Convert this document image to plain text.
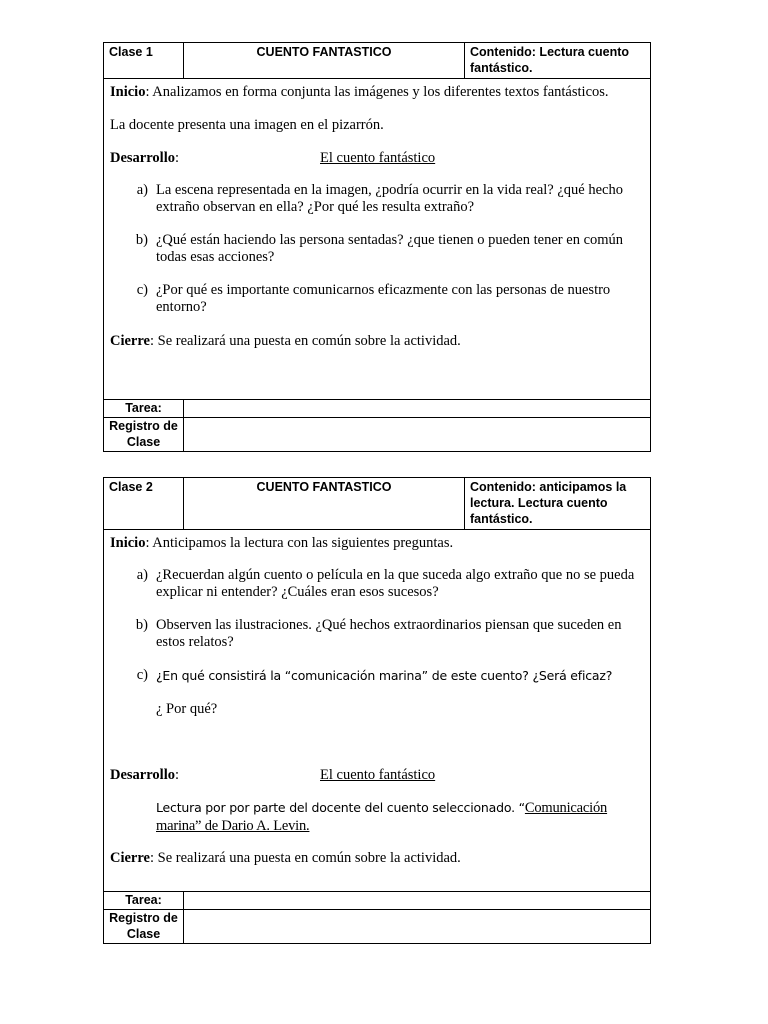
Clase 1	CUENTO FANTASTICO	Contenido: Lectura cuento fantástico.

Inicio: Analizamos en forma conjunta las imágenes y los diferentes textos fantásticos.

La docente presenta una imagen en el pizarrón.

Desarrollo:	El cuento fantástico
a) La escena representada en la imagen, ¿podría ocurrir en la vida real? ¿qué hecho extraño observan en ella? ¿Por qué les resulta extraño?
b) ¿Qué están haciendo las persona sentadas? ¿que tienen o pueden tener en común todas esas acciones?
c) ¿Por qué es importante comunicarnos eficazmente con las personas de nuestro entorno?

Cierre: Se realizará una puesta en común sobre la actividad.

Tarea:
Registro de Clase
Clase 2	CUENTO FANTASTICO	Contenido: anticipamos la lectura. Lectura cuento fantástico.

Inicio: Anticipamos la lectura con las siguientes preguntas.

a) ¿Recuerdan algún cuento o película en la que suceda algo extraño que no se pueda explicar ni entender? ¿Cuáles eran esos sucesos?
b) Observen las ilustraciones. ¿Qué hechos extraordinarios piensan que suceden en estos relatos?
c) ¿En qué consistirá la “comunicación marina” de este cuento? ¿Será eficaz?
¿ Por qué?
Desarrollo:	El cuento fantástico
Lectura por por parte del docente del cuento seleccionado. “Comunicación marina” de Dario A. Levin.

Cierre: Se realizará una puesta en común sobre la actividad.

Tarea:
Registro de Clase
